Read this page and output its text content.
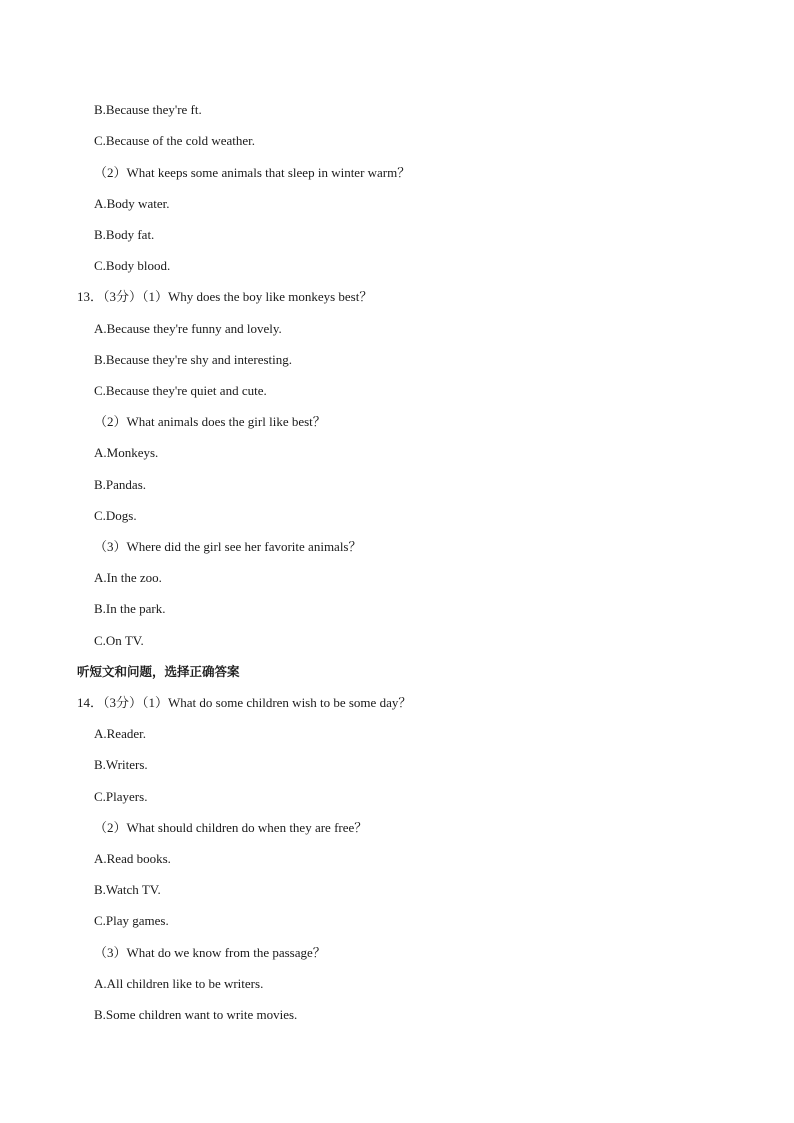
B.Because they're ft.
C.Because of the cold weather.
（2）What keeps some animals that sleep in winter warm？
A.Body water.
B.Body fat.
C.Body blood.
13．（3分）（1）Why does the boy like monkeys best？
A.Because they're funny and lovely.
B.Because they're shy and interesting.
C.Because they're quiet and cute.
（2）What animals does the girl like best？
A.Monkeys.
B.Pandas.
C.Dogs.
（3）Where did the girl see her favorite animals？
A.In the zoo.
B.In the park.
C.On TV.
听短文和问题，选择正确答案
14．（3分）（1）What do some children wish to be some day？
A.Reader.
B.Writers.
C.Players.
（2）What should children do when they are free？
A.Read books.
B.Watch TV.
C.Play games.
（3）What do we know from the passage？
A.All children like to be writers.
B.Some children want to write movies.
